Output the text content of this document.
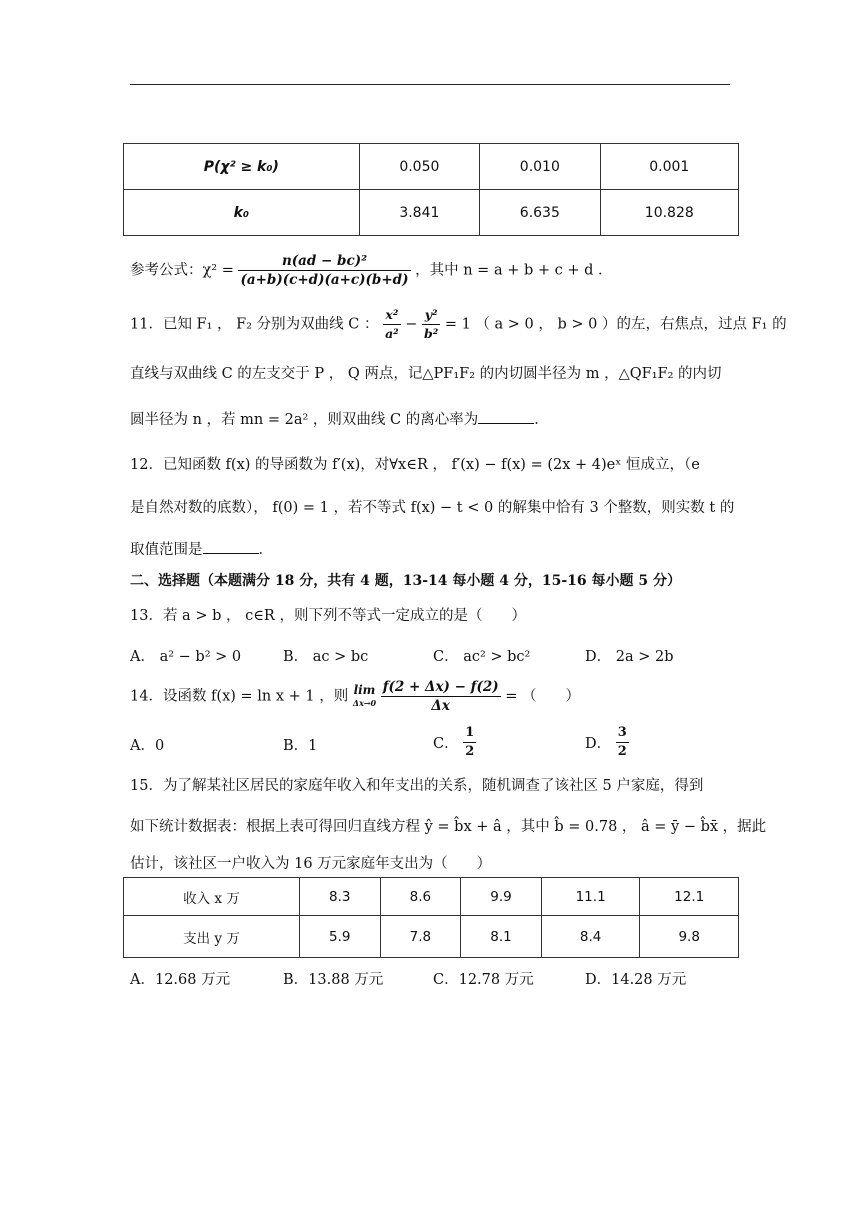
P(χ² ≥ k₀)	0.050	0.010	0.001
k₀	3.841	6.635	10.828
参考公式：$\chi^2 = \frac{\text{n(ad − bc)²}}{(a+b)(c+d)(a+c)(b+d)}$ ，其中 n = a + b + c + d ．
11．已知 F₁ ， F₂ 分别为双曲线 C ： $\frac{\text{x²}}{\text{a²}} - \frac{\text{y²}}{\text{b²}} = 1$ （ a > 0 ， b > 0 ）的左，右焦点，过点 F₁ 的
直线与双曲线 C 的左支交于 P ， Q 两点，记△PF₁F₂ 的内切圆半径为 m ，△QF₁F₂ 的内切
圆半径为 n ，若 mn = 2a² ，则双曲线 C 的离心率为	．
12．已知函数 f(x) 的导函数为 f′(x)，对∀x∈R ， f′(x) − f(x) = (2x + 4)eˣ 恒成立，（e
是自然对数的底数）， f(0) = 1 ，若不等式 f(x) − t < 0 的解集中恰有 3 个整数，则实数 t 的
取值范围是	．
二、选择题（本题满分 18 分，共有 4 题，13-14 每小题 4 分，15-16 每小题 5 分）
13．若 a > b ， c∈R ，则下列不等式一定成立的是（　　）
A． a² − b² > 0	B． ac > bc	C． ac² > bc²	D． 2a > 2b
14．设函数 f(x) = ln x + 1 ，则 lim
Δx→0
$\frac{f(2 + \Delta x) - f(2)}{\Delta x}$ = （　　）
A．0	B．1	C． $\frac{1}{2}$	D． $\frac{3}{2}$
15．为了解某社区居民的家庭年收入和年支出的关系，随机调查了该社区 5 户家庭，得到
如下统计数据表：根据上表可得回归直线方程 ŷ = b̂x + â ，其中 b̂ = 0.78 ， â = ȳ − b̂x̄ ，据此
估计，该社区一户收入为 16 万元家庭年支出为（　　）
收入 x 万	8.3	8.6	9.9	11.1	12.1
支出 y 万	5.9	7.8	8.1	8.4	9.8
A．12.68 万元	B．13.88 万元	C．12.78 万元	D．14.28 万元
